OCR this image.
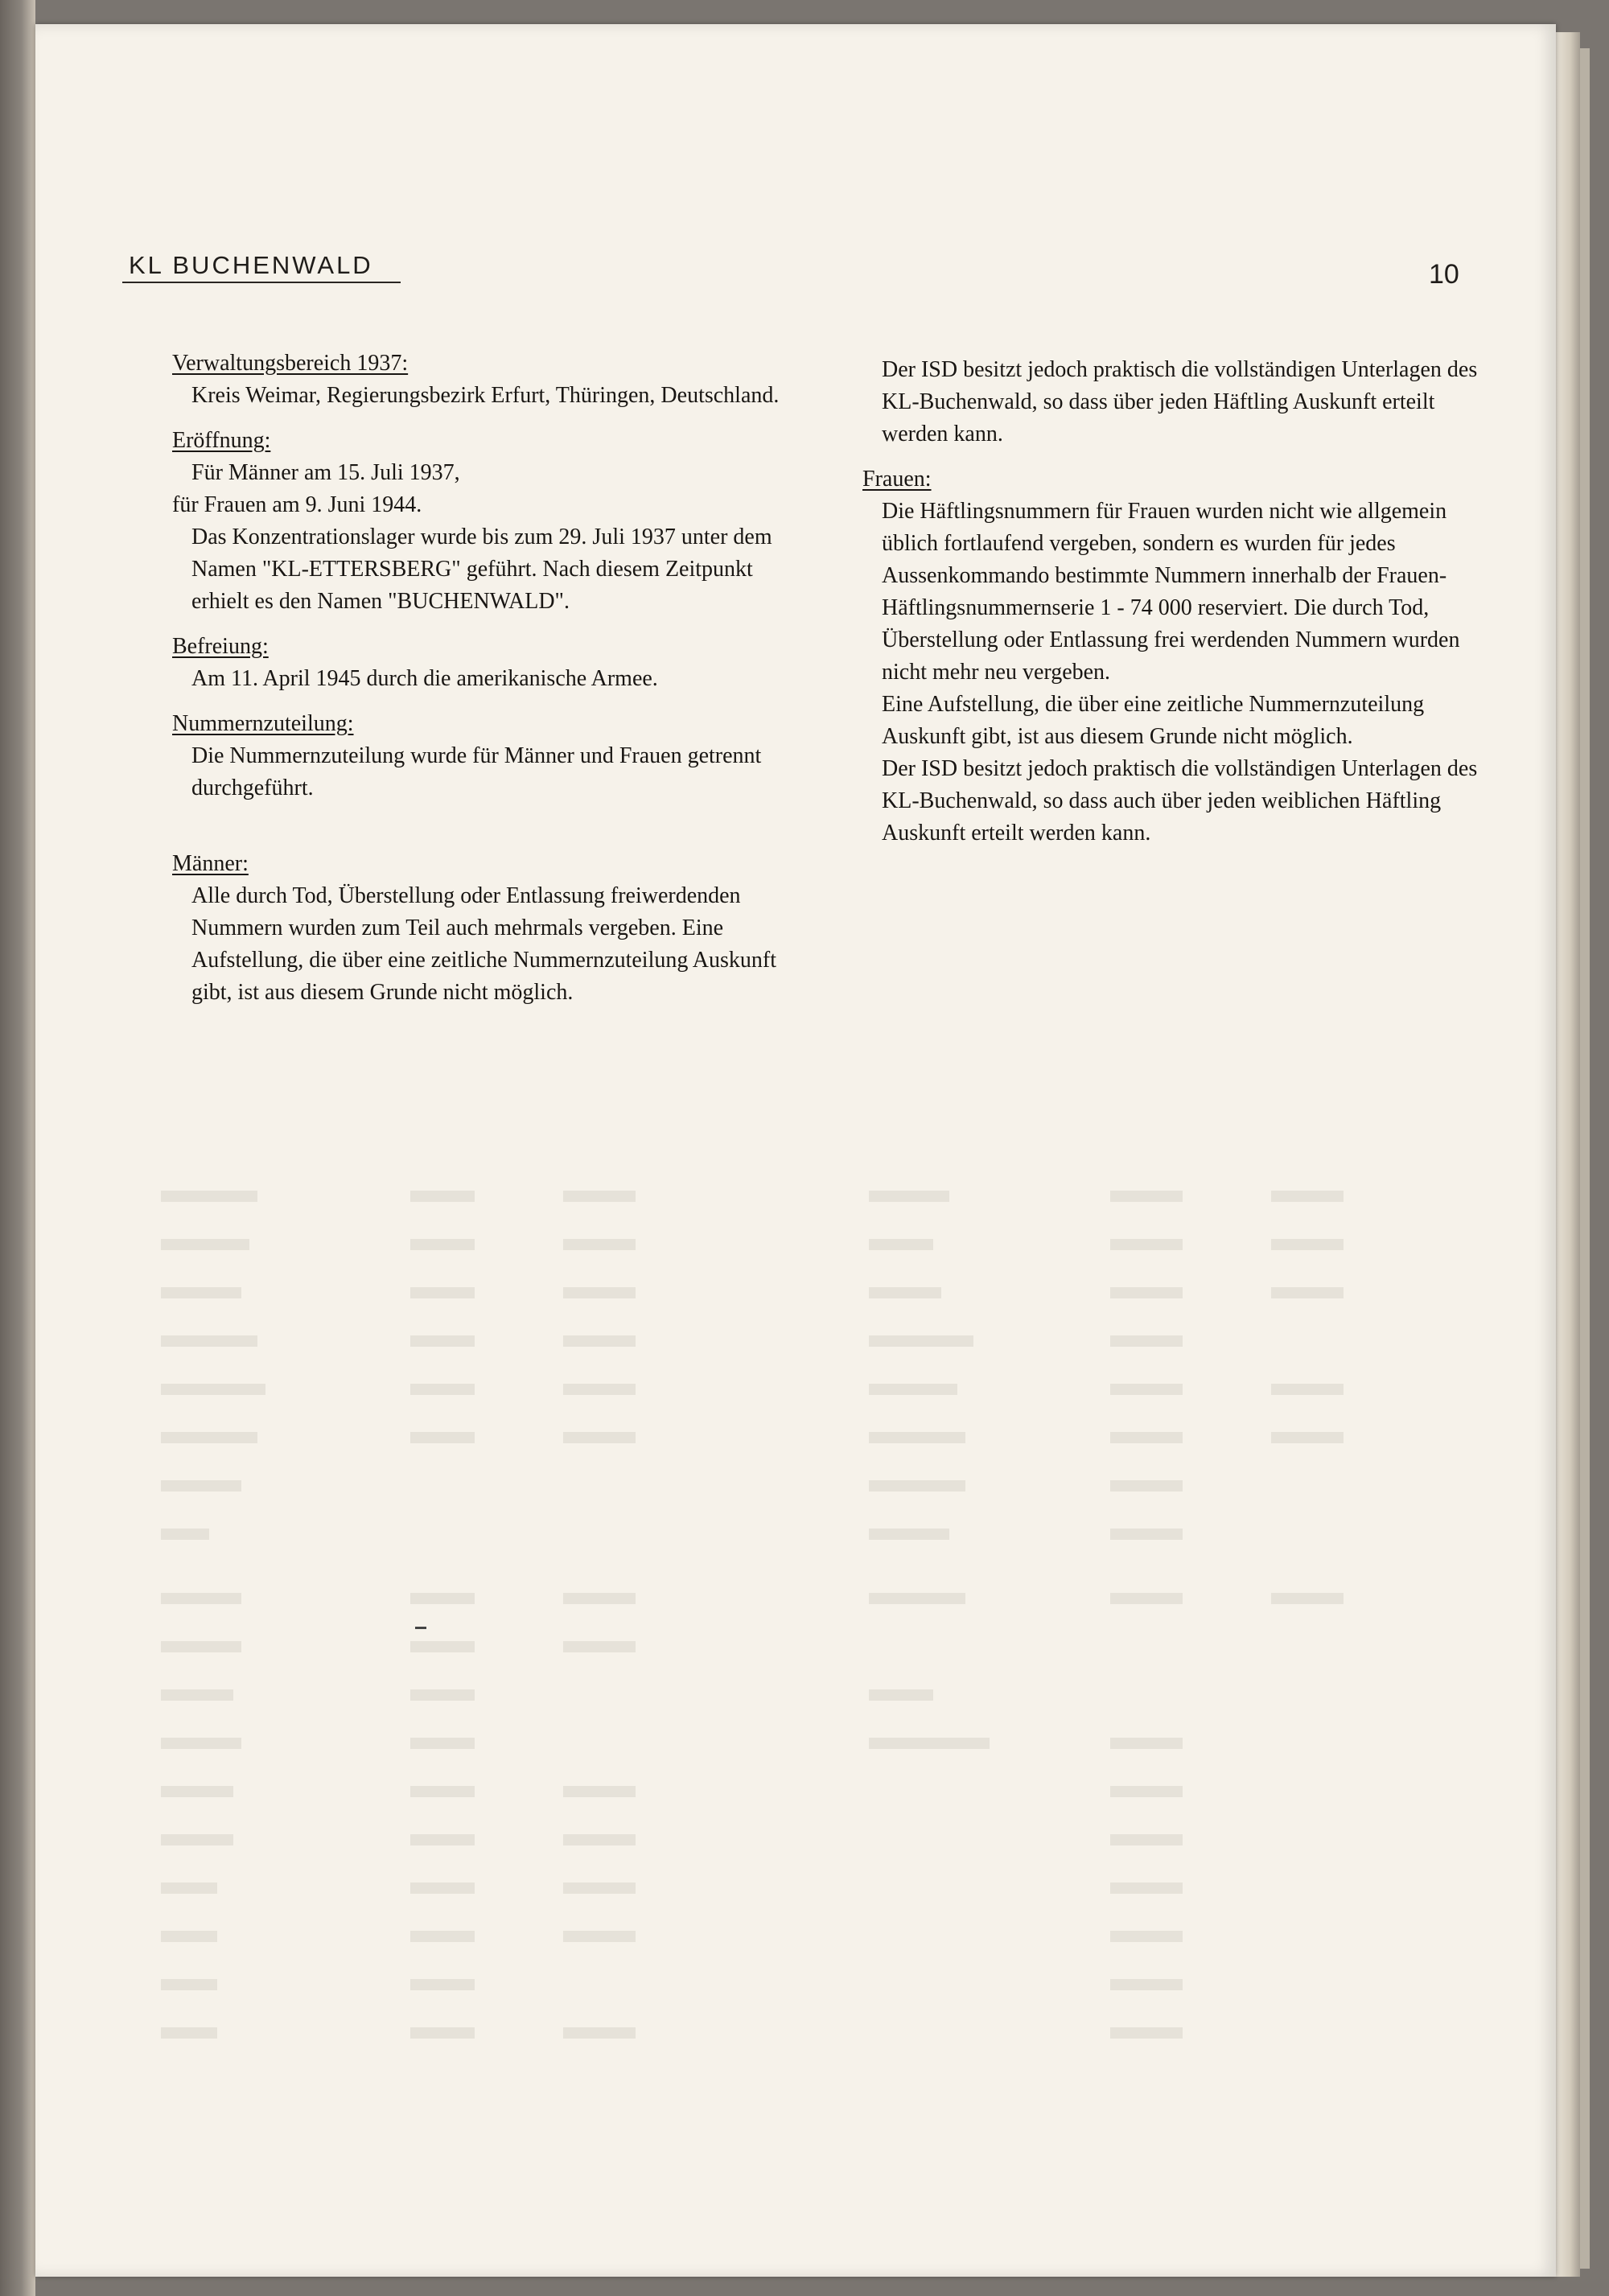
KL BUCHENWALD	10

Verwaltungsbereich 1937:

Kreis Weimar, Regierungsbezirk Erfurt, Thüringen, Deutschland.

Eröffnung:

Für Männer am 15. Juli 1937,

für Frauen am 9. Juni 1944.

Das Konzentrationslager wurde bis zum 29. Juli 1937 unter dem Namen "KL-ETTERSBERG" geführt. Nach diesem Zeitpunkt erhielt es den Namen "BUCHENWALD".

Befreiung:

Am 11. April 1945 durch die amerikanische Armee.

Nummernzuteilung:

Die Nummernzuteilung wurde für Männer und Frauen getrennt durchgeführt.

Männer:

Alle durch Tod, Überstellung oder Entlassung freiwerdenden Nummern wurden zum Teil auch mehrmals vergeben. Eine Aufstellung, die über eine zeitliche Nummernzuteilung Auskunft gibt, ist aus diesem Grunde nicht möglich.

Der ISD besitzt jedoch praktisch die vollständigen Unterlagen des KL-Buchenwald, so dass über jeden Häftling Auskunft erteilt werden kann.

Frauen:

Die Häftlingsnummern für Frauen wurden nicht wie allgemein üblich fortlaufend vergeben, sondern es wurden für jedes Aussenkommando bestimmte Nummern innerhalb der Frauen-Häftlingsnummernserie 1 - 74 000 reserviert. Die durch Tod, Überstellung oder Entlassung frei werdenden Nummern wurden nicht mehr neu vergeben.

Eine Aufstellung, die über eine zeitliche Nummernzuteilung Auskunft gibt, ist aus diesem Grunde nicht möglich.

Der ISD besitzt jedoch praktisch die vollständigen Unterlagen des KL-Buchenwald, so dass auch über jeden weiblichen Häftling Auskunft erteilt werden kann.
